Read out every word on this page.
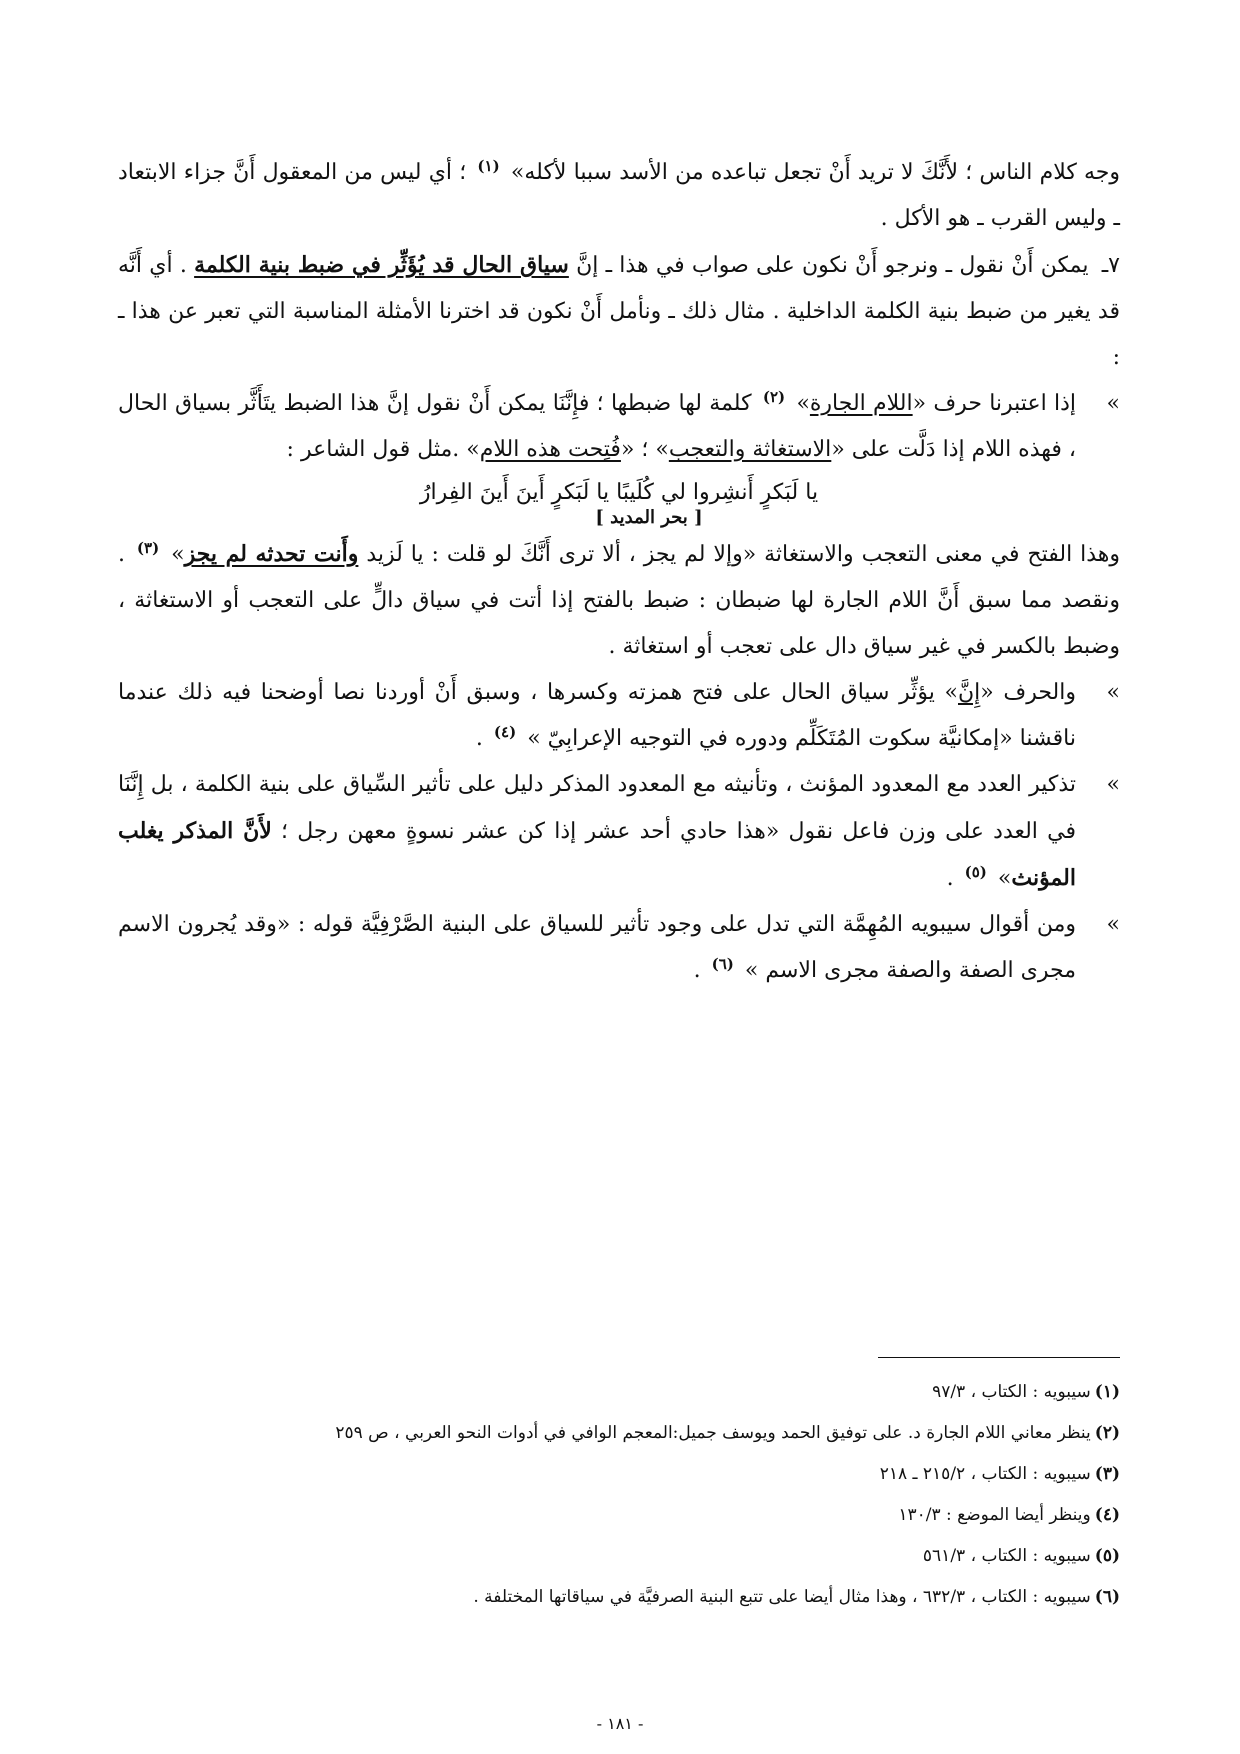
وجه كلام الناس ؛ لأَنَّكَ لا تريد أَنْ تجعل تباعده من الأسد سببا لأكله» $^{(١)}$ ؛ أي ليس من المعقول أَنَّ جزاء الابتعاد ـ وليس القرب ـ هو الأكل .

٧ـ يمكن أَنْ نقول ـ ونرجو أَنْ نكون على صواب في هذا ـ إنَّ سياق الحال قد يُؤَثِّر في ضبط بنية الكلمة . أي أَنَّه قد يغير من ضبط بنية الكلمة الداخلية . مثال ذلك ـ ونأمل أَنْ نكون قد اخترنا الأمثلة المناسبة التي تعبر عن هذا ـ :

»
إذا اعتبرنا حرف «اللام الجارة» $^{(٢)}$ كلمة لها ضبطها ؛ فإِنَّنَا يمكن أَنْ نقول إنَّ هذا الضبط يتَأَثَّر بسياق الحال ، فهذه اللام إذا دَلَّت على «الاستغاثة والتعجب» ؛ «فُتِحت هذه اللام» .مثل قول الشاعر :

يا لَبَكرٍ أَنشِروا لي كُلَيبًا يا لَبَكرٍ أَينَ أَينَ الفِرارُ

[ بحر المديد ]

وهذا الفتح في معنى التعجب والاستغاثة «وإلا لم يجز ، ألا ترى أَنَّكَ لو قلت : يا لَزيد وأَنت تحدثه لم يجز» $^{(٣)}$ . ونقصد مما سبق أَنَّ اللام الجارة لها ضبطان : ضبط بالفتح إذا أتت في سياق دالٍّ على التعجب أو الاستغاثة ، وضبط بالكسر في غير سياق دال على تعجب أو استغاثة .

»
والحرف «إِنَّ» يؤثِّر سياق الحال على فتح همزته وكسرها ، وسبق أَنْ أوردنا نصا أوضحنا فيه ذلك عندما ناقشنا «إمكانيَّة سكوت المُتَكَلِّم ودوره في التوجيه الإعرابِيّ » $^{(٤)}$ .

»
تذكير العدد مع المعدود المؤنث ، وتأنيثه مع المعدود المذكر دليل على تأثير السِّياق على بنية الكلمة ، بل إِنَّنَا في العدد على وزن فاعل نقول «هذا حادي أحد عشر إذا كن عشر نسوةٍ معهن رجل ؛ لأَنَّ المذكر يغلب المؤنث» $^{(٥)}$ .

»
ومن أقوال سيبويه المُهِمَّة التي تدل على وجود تأثير للسياق على البنية الصَّرْفِيَّة قوله : «وقد يُجرون الاسم مجرى الصفة والصفة مجرى الاسم » $^{(٦)}$ .

(١)سيبويه : الكتاب ، ٩٧/٣
(٢)ينظر معاني اللام الجارة د. على توفيق الحمد ويوسف جميل:المعجم الوافي في أدوات النحو العربي ، ص ٢٥٩
(٣)سيبويه : الكتاب ، ٢١٥/٢ ـ ٢١٨
(٤)وينظر أيضا الموضع : ١٣٠/٣
(٥)سيبويه : الكتاب ، ٥٦١/٣
(٦)سيبويه : الكتاب ، ٦٣٢/٣ ، وهذا مثال أيضا على تتبع البنية الصرفيَّة في سياقاتها المختلفة .
- ١٨١ -
